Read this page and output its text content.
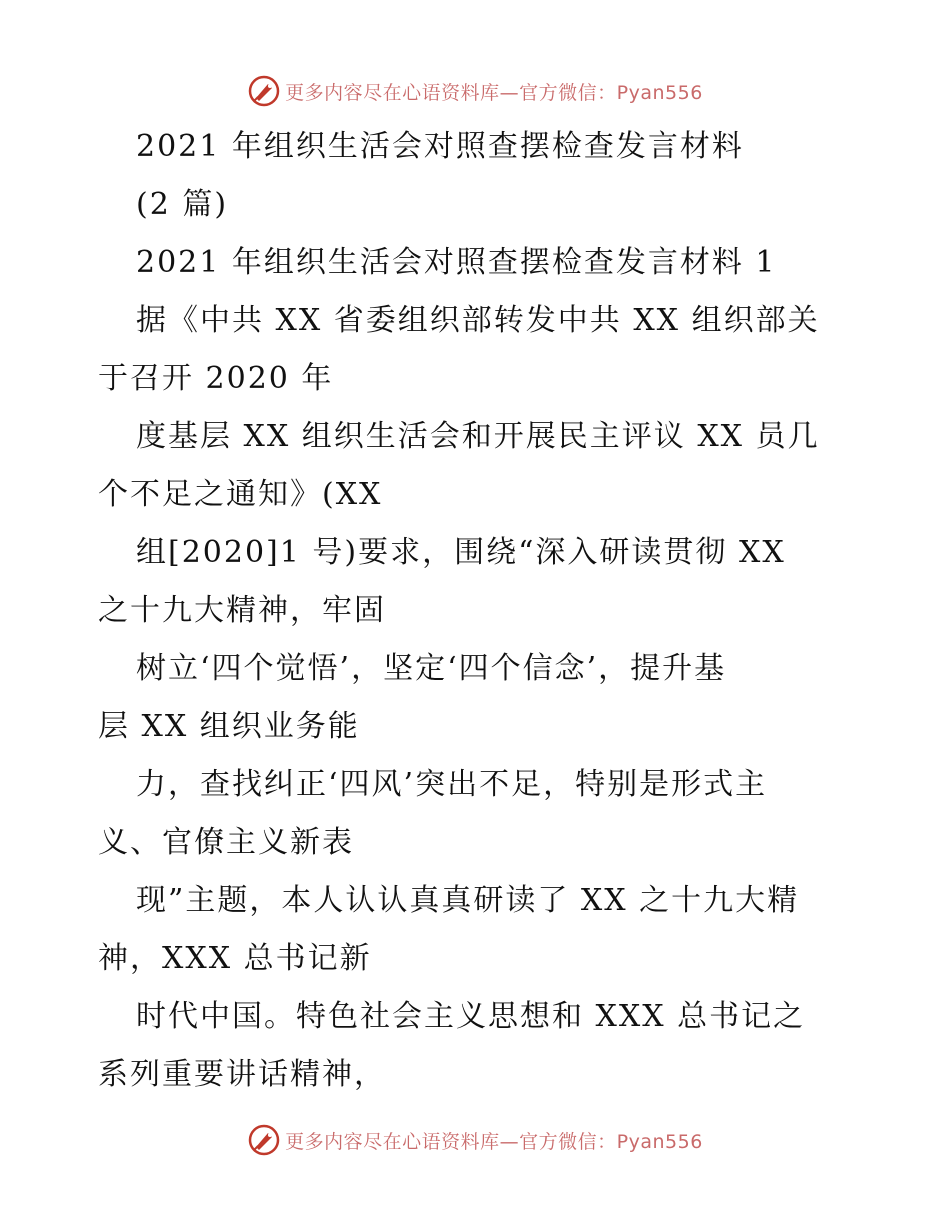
更多内容尽在心语资料库—官方微信：Pyan556
2021 年组织生活会对照查摆检查发言材料
(2 篇)
2021 年组织生活会对照查摆检查发言材料 1
据《中共 XX 省委组织部转发中共 XX 组织部关
于召开 2020 年
度基层 XX 组织生活会和开展民主评议 XX 员几
个不足之通知》(XX
组[2020]1 号)要求，围绕“深入研读贯彻 XX
之十九大精神，牢固
树立‘四个觉悟’，坚定‘四个信念’，提升基
层 XX 组织业务能
力，查找纠正‘四风’突出不足，特别是形式主
义、官僚主义新表
现”主题，本人认认真真研读了 XX 之十九大精
神，XXX 总书记新
时代中国。特色社会主义思想和 XXX 总书记之
系列重要讲话精神，
更多内容尽在心语资料库—官方微信：Pyan556
